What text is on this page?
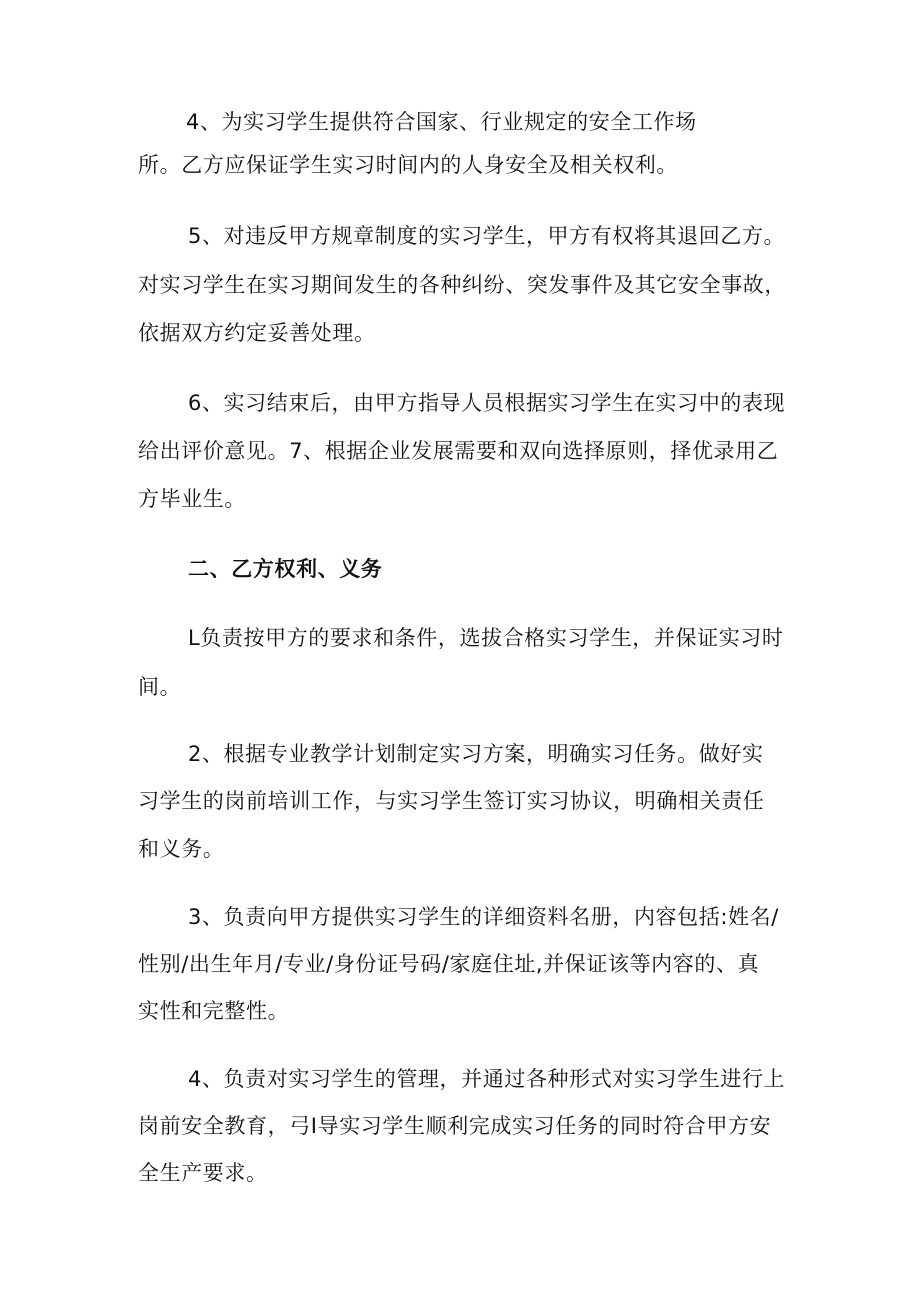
4、为实习学生提供符合国家、行业规定的安全工作场
所。乙方应保证学生实习时间内的人身安全及相关权利。
5、对违反甲方规章制度的实习学生，甲方有权将其退回乙方。
对实习学生在实习期间发生的各种纠纷、突发事件及其它安全事故，
依据双方约定妥善处理。
6、实习结束后，由甲方指导人员根据实习学生在实习中的表现
给出评价意见。7、根据企业发展需要和双向选择原则，择优录用乙
方毕业生。
二、乙方权利、义务
L负责按甲方的要求和条件，选拔合格实习学生，并保证实习时
间。
2、根据专业教学计划制定实习方案，明确实习任务。做好实
习学生的岗前培训工作，与实习学生签订实习协议，明确相关责任
和义务。
3、负责向甲方提供实习学生的详细资料名册，内容包括:姓名/
性别/出生年月/专业/身份证号码/家庭住址,并保证该等内容的、真
实性和完整性。
4、负责对实习学生的管理，并通过各种形式对实习学生进行上
岗前安全教育，弓I导实习学生顺利完成实习任务的同时符合甲方安
全生产要求。
